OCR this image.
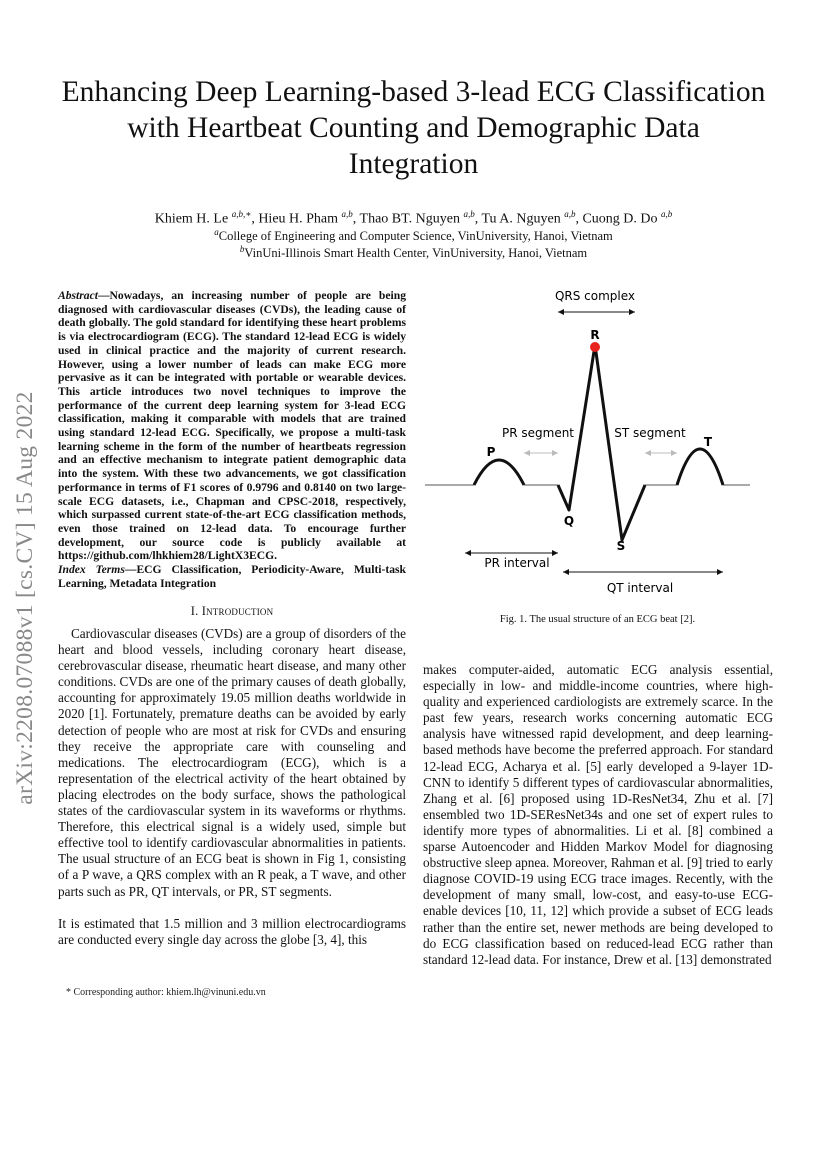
arXiv:2208.07088v1 [cs.CV] 15 Aug 2022
Enhancing Deep Learning-based 3-lead ECG Classification with Heartbeat Counting and Demographic Data Integration
Khiem H. Le $^{a,b,∗}$, Hieu H. Pham $^{a,b}$, Thao BT. Nguyen $^{a,b}$, Tu A. Nguyen $^{a,b}$, Cuong D. Do $^{a,b}$
$^a$College of Engineering and Computer Science, VinUniversity, Hanoi, Vietnam
$^b$VinUni-Illinois Smart Health Center, VinUniversity, Hanoi, Vietnam
Abstract—Nowadays, an increasing number of people are being diagnosed with cardiovascular diseases (CVDs), the leading cause of death globally. The gold standard for identifying these heart problems is via electrocardiogram (ECG). The standard 12-lead ECG is widely used in clinical practice and the majority of current research. However, using a lower number of leads can make ECG more pervasive as it can be integrated with portable or wearable devices. This article introduces two novel techniques to improve the performance of the current deep learning system for 3-lead ECG classification, making it comparable with models that are trained using standard 12-lead ECG. Specifically, we propose a multi-task learning scheme in the form of the number of heartbeats regression and an effective mechanism to integrate patient demographic data into the system. With these two advancements, we got classification performance in terms of F1 scores of 0.9796 and 0.8140 on two large-scale ECG datasets, i.e., Chapman and CPSC-2018, respectively, which surpassed current state-of-the-art ECG classification methods, even those trained on 12-lead data. To encourage further development, our source code is publicly available at https://github.com/lhkhiem28/LightX3ECG.
Index Terms—ECG Classification, Periodicity-Aware, Multi-task Learning, Metadata Integration
I. Introduction

Cardiovascular diseases (CVDs) are a group of disorders of the heart and blood vessels, including coronary heart disease, cerebrovascular disease, rheumatic heart disease, and many other conditions. CVDs are one of the primary causes of death globally, accounting for approximately 19.05 million deaths worldwide in 2020 [1]. Fortunately, premature deaths can be avoided by early detection of people who are most at risk for CVDs and ensuring they receive the appropriate care with counseling and medications. The electrocardiogram (ECG), which is a representation of the electrical activity of the heart obtained by placing electrodes on the body surface, shows the pathological states of the cardiovascular system in its waveforms or rhythms. Therefore, this electrical signal is a widely used, simple but effective tool to identify cardiovascular abnormalities in patients. The usual structure of an ECG beat is shown in Fig 1, consisting of a P wave, a QRS complex with an R peak, a T wave, and other parts such as PR, QT intervals, or PR, ST segments.

It is estimated that 1.5 million and 3 million electrocardiograms are conducted every single day across the globe [3, 4], this

* Corresponding author: khiem.lh@vinuni.edu.vn
QRS complex
R
P
Q
S
T
PR segment	ST segment
PR interval
QT interval
Fig. 1. The usual structure of an ECG beat [2].

makes computer-aided, automatic ECG analysis essential, especially in low- and middle-income countries, where high-quality and experienced cardiologists are extremely scarce. In the past few years, research works concerning automatic ECG analysis have witnessed rapid development, and deep learning-based methods have become the preferred approach. For standard 12-lead ECG, Acharya et al. [5] early developed a 9-layer 1D-CNN to identify 5 different types of cardiovascular abnormalities, Zhang et al. [6] proposed using 1D-ResNet34, Zhu et al. [7] ensembled two 1D-SEResNet34s and one set of expert rules to identify more types of abnormalities. Li et al. [8] combined a sparse Autoencoder and Hidden Markov Model for diagnosing obstructive sleep apnea. Moreover, Rahman et al. [9] tried to early diagnose COVID-19 using ECG trace images. Recently, with the development of many small, low-cost, and easy-to-use ECG-enable devices [10, 11, 12] which provide a subset of ECG leads rather than the entire set, newer methods are being developed to do ECG classification based on reduced-lead ECG rather than standard 12-lead data. For instance, Drew et al. [13] demonstrated
